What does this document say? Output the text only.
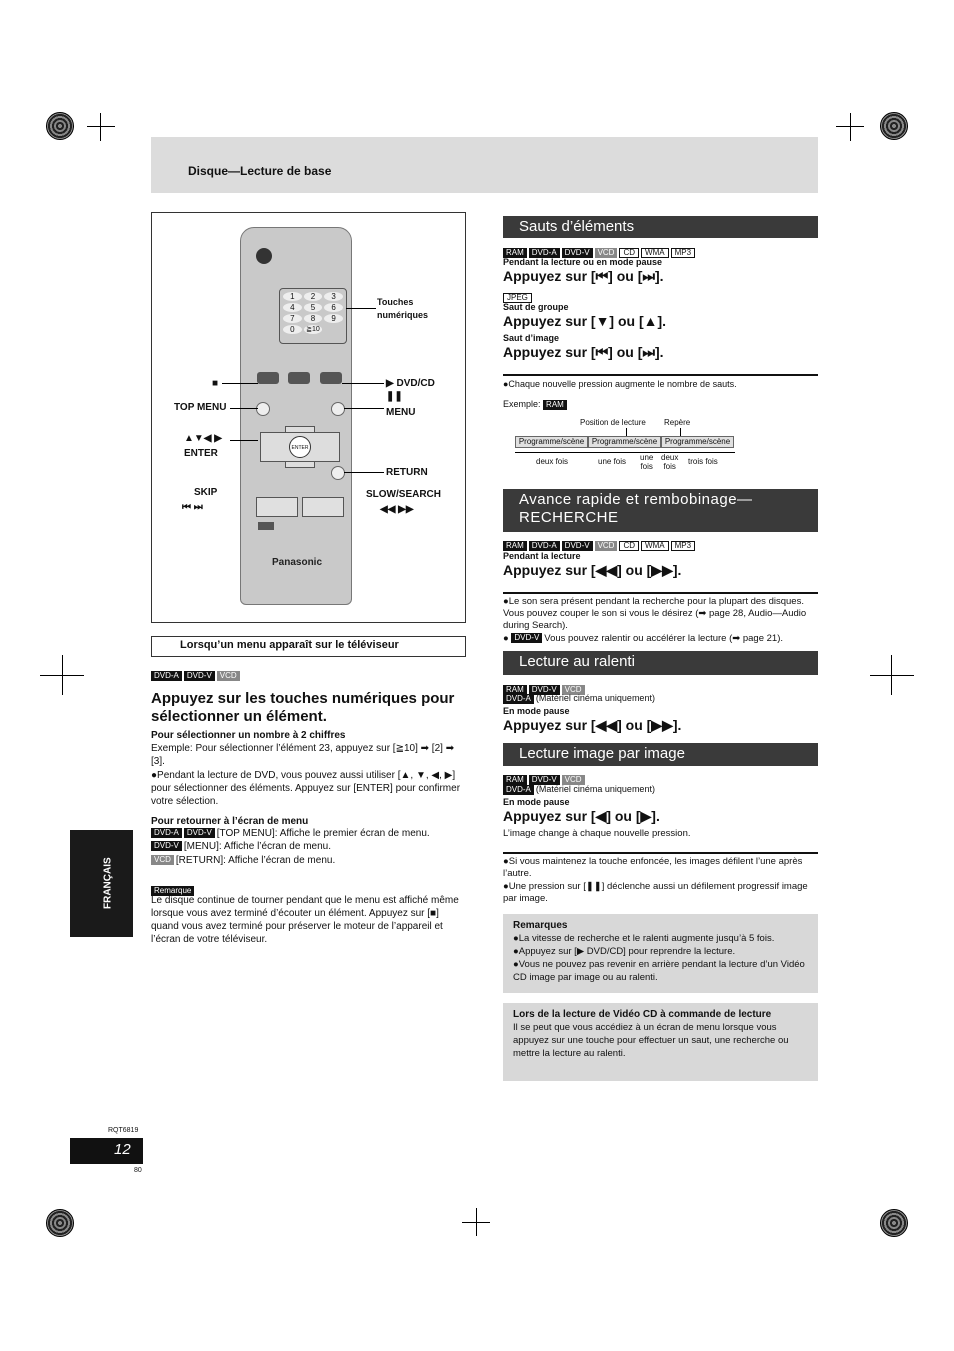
Disque—Lecture de base
FRANÇAIS
1	2	3
4	5	6
7	8	9
0	≧10
ENTER
Panasonic
Touches
numériques
■
TOP MENU
▶ DVD/CD
❚❚
MENU
▲▼◀ ▶
ENTER
RETURN
SKIP
⏮ ⏭
SLOW/SEARCH
◀◀ ▶▶
Lorsqu’un menu apparaît sur le téléviseur
DVD-A DVD-V VCD
Appuyez sur les touches numériques pour sélectionner un élément.
Pour sélectionner un nombre à 2 chiffres
Exemple: Pour sélectionner l’élément 23, appuyez sur [≧10] ➡ [2] ➡ [3].
●Pendant la lecture de DVD, vous pouvez aussi utiliser [▲, ▼, ◀, ▶] pour sélectionner des éléments. Appuyez sur [ENTER] pour confirmer votre sélection.
Pour retourner à l’écran de menu
DVD-A DVD-V [TOP MENU]: Affiche le premier écran de menu.
DVD-V [MENU]: Affiche l’écran de menu.
VCD [RETURN]: Affiche l’écran de menu.
Remarque
Le disque continue de tourner pendant que le menu est affiché même lorsque vous avez terminé d’écouter un élément. Appuyez sur [■] quand vous avez terminé pour préserver le moteur de l’appareil et l’écran de votre téléviseur.
Sauts d’éléments
RAM DVD-A DVD-V VCD CD WMA MP3
Pendant la lecture ou en mode pause
Appuyez sur [⏮] ou [⏭].
JPEG
Saut de groupe
Appuyez sur [▼] ou [▲].
Saut d’image
Appuyez sur [⏮] ou [⏭].
●Chaque nouvelle pression augmente le nombre de sauts.
Exemple: RAM
Position de lecture Repère
Programme/scène Programme/scène Programme/scène
deux fois	une fois une
fois
deux
fois
trois fois
Avance rapide et rembobinage— RECHERCHE
RAM DVD-A DVD-V VCD CD WMA MP3
Pendant la lecture
Appuyez sur [◀◀] ou [▶▶].
●Le son sera présent pendant la recherche pour la plupart des disques. Vous pouvez couper le son si vous le désirez (➡ page 28, Audio—Audio during Search).
● DVD-V Vous pouvez ralentir ou accélérer la lecture (➡ page 21).
Lecture au ralenti
RAM DVD-V VCD
DVD-A (Matériel cinéma uniquement)
En mode pause
Appuyez sur [◀◀] ou [▶▶].
Lecture image par image
RAM DVD-V VCD
DVD-A (Matériel cinéma uniquement)
En mode pause
Appuyez sur [◀] ou [▶].
L’image change à chaque nouvelle pression.
●Si vous maintenez la touche enfoncée, les images défilent l’une après l’autre.
●Une pression sur [❚❚] déclenche aussi un défilement progressif image par image.
Remarques
●La vitesse de recherche et le ralenti augmente jusqu’à 5 fois.
●Appuyez sur [▶ DVD/CD] pour reprendre la lecture.
●Vous ne pouvez pas revenir en arrière pendant la lecture d’un Vidéo CD image par image ou au ralenti.
Lors de la lecture de Vidéo CD à commande de lecture
Il se peut que vous accédiez à un écran de menu lorsque vous appuyez sur une touche pour effectuer un saut, une recherche ou mettre la lecture au ralenti.
RQT6819
12
80
